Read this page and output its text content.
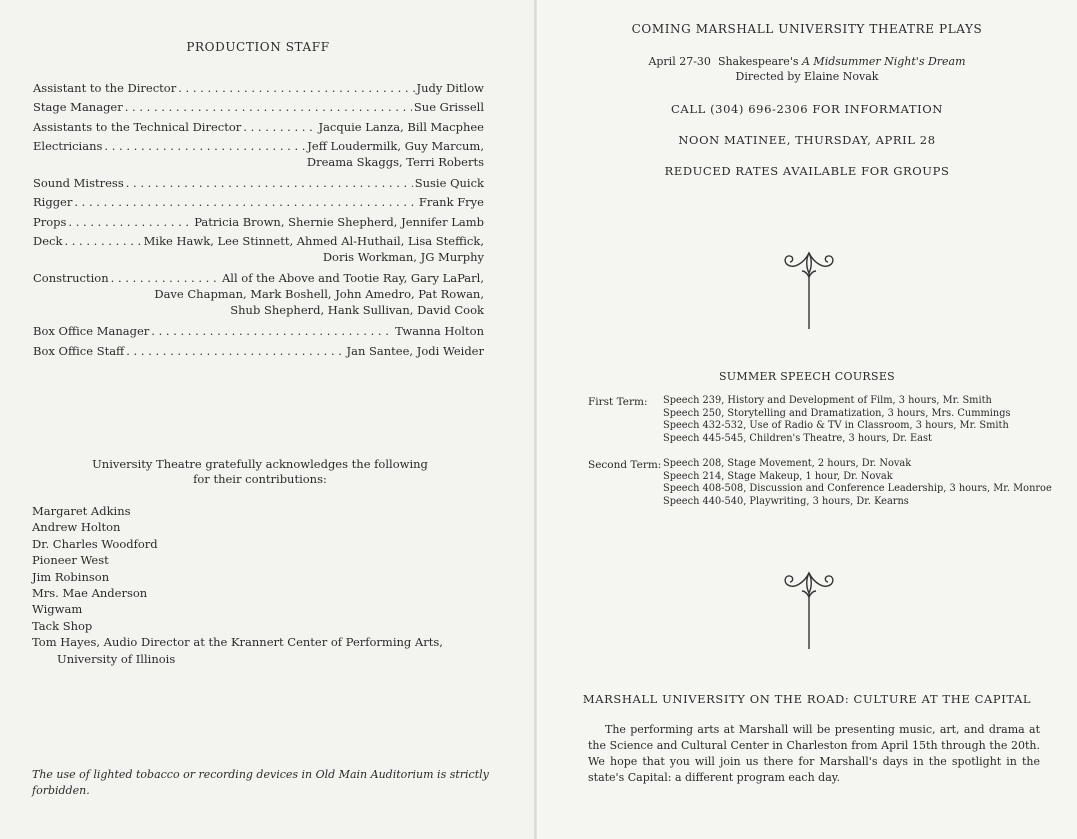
PRODUCTION STAFF
Assistant to the Director . . .	Judy Ditlow
Stage Manager . . .	Sue Grissell
Assistants to the Technical Director . . .	Jacquie Lanza, Bill Macphee
Electricians . . .	Jeff Loudermilk, Guy Marcum,
Dreama Skaggs, Terri Roberts
Sound Mistress . . .	Susie Quick
Rigger . . .	Frank Frye
Props . . .	Patricia Brown, Shernie Shepherd, Jennifer Lamb
Deck . . .	Mike Hawk, Lee Stinnett, Ahmed Al-Huthail, Lisa Steffick,
Doris Workman, JG Murphy
Construction . . .	All of the Above and Tootie Ray, Gary LaParl,
Dave Chapman, Mark Boshell, John Amedro, Pat Rowan,
Shub Shepherd, Hank Sullivan, David Cook
Box Office Manager . . .	Twanna Holton
Box Office Staff . . .	Jan Santee, Jodi Weider
University Theatre gratefully acknowledges the following
for their contributions:
Margaret Adkins
Andrew Holton
Dr. Charles Woodford
Pioneer West
Jim Robinson
Mrs. Mae Anderson
Wigwam
Tack Shop
Tom Hayes, Audio Director at the Krannert Center of Performing Arts,
University of Illinois
The use of lighted tobacco or recording devices in Old Main Auditorium is strictly forbidden.
COMING MARSHALL UNIVERSITY THEATRE PLAYS
April 27-30 Shakespeare's A Midsummer Night's Dream
Directed by Elaine Novak
CALL (304) 696-2306 FOR INFORMATION
NOON MATINEE, THURSDAY, APRIL 28
REDUCED RATES AVAILABLE FOR GROUPS
SUMMER SPEECH COURSES
First Term: Speech 239, History and Development of Film, 3 hours, Mr. Smith
Speech 250, Storytelling and Dramatization, 3 hours, Mrs. Cummings
Speech 432-532, Use of Radio & TV in Classroom, 3 hours, Mr. Smith
Speech 445-545, Children's Theatre, 3 hours, Dr. East
Second Term: Speech 208, Stage Movement, 2 hours, Dr. Novak
Speech 214, Stage Makeup, 1 hour, Dr. Novak
Speech 408-508, Discussion and Conference Leadership, 3 hours, Mr. Monroe
Speech 440-540, Playwriting, 3 hours, Dr. Kearns
MARSHALL UNIVERSITY ON THE ROAD: CULTURE AT THE CAPITAL
The performing arts at Marshall will be presenting music, art, and drama at the Science and Cultural Center in Charleston from April 15th through the 20th. We hope that you will join us there for Marshall's days in the spotlight in the state's Capital: a different program each day.
